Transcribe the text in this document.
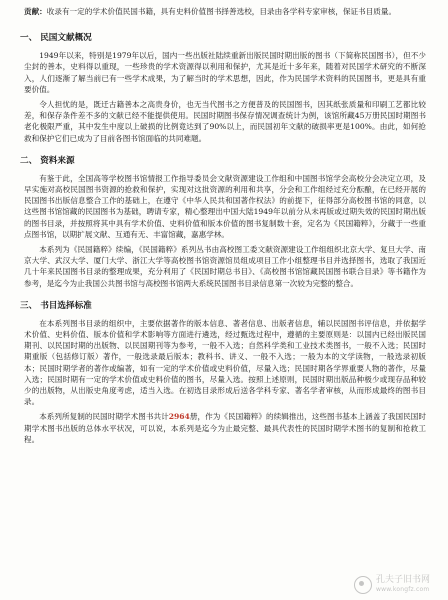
贡献：收录有一定的学术价值民国书籍，具有史料价值图书择善选校，目录由各学科专家审核，保证书目质量。

一、 民国文献概况

1949年以来，特别是1979年以后，国内一些出版社陆续重新出版民国时期出版的图书（下简称民国图书），但不少尘封的善本，史料得以重现，一些珍贵的学术资源得以利用和保护，尤其是近十多年来，随着对民国学术研究的不断深入，人们逐渐了解当前已有一些学术成果，为了解当时的学术思想，因此，作为民国学术资料的民国图书，更是具有重要价值。

令人担忧的是，既迁古籍善本之高贵身价，也无当代图书之方便普及的民国图书，因其纸张质量和印刷工艺都比较差，和保存条件差不多的文献已经不能提供使用。民国时期图书保存情况调查统计为例，该馆所藏45万册民国时期图书老化极限严重，其中发生中度以上破损的比例竟达到了90%以上，而民国初年文献的破损率更是100%。由此，如何抢救和保护它们已成为了目前各图书馆面临的共同难题。

二、 资料来源

有鉴于此，全国高等学校图书馆情报工作指导委员会文献资源建设工作组和中国图书馆学会高校分会决定立项，及早实施对高校民国图书资源的抢救和保护，实现对这批资源的利用和共享，分会和工作组经过充分酝酿，在已经开展的民国图书出版信息整合工作的基础上，在遵守《中华人民共和国著作权法》的前提下，征得部分高校图书馆的同意，以这些图书馆馆藏的民国图书为基础，聘请专家，精心整理出中国大陆1949年以前分从未再版或过期失效的民国时期出版的图书目录，并按照将其中具有学术价值、史料价值和版本价值的图书复制数十套，定名为《民国籍粹》，分藏于一些重点图书馆，以期扩展文献、互通有无、丰富馆藏，嘉惠学林。

本系列为《民国籍粹》续编，《民国籍粹》系列丛书由高校图工委文献资源建设工作组组织北京大学、复旦大学、南京大学、武汉大学、厦门大学、浙江大学等高校图书馆资源馆员组成项目工作小组整理书目并选择图书，选取了我国近几十年来民国图书目录的整理成果，充分利用了《民国时期总书目》、《高校图书馆馆藏民国图书联合目录》等书籍作为参考，是迄今为止我国公共图书馆与高校图书馆两大系统民国图书目录信息第一次较为完整的整合。

三、 书目选择标准

在本系列图书目录的组织中，主要依据著作的版本信息、著者信息、出版者信息，辅以民国图书评信息，并依据学术价值、史料价值、版本价值和学术影响等方面进行遴选，经过甄选过程中，遵循的主要原则是：以国内已经出版民国期刊、以民国时期的出版物、以民国期刊等为参考，一般不入选；自然科学类和工业技术类图书，一般不入选；民国时期重版（包括修订版）著作，一般选录最后版本；教科书、讲义、一般不入选；一般为本的文学读物，一般选录初版本；民国时期学者的著作或编著，如有一定的学术价值或史料价值，尽量入选；民国时期各学界重要人物的著作，尽量入选；民国时期有一定的学术价值或史料价值的图书，尽量入选。按照上述原则，民国时期出版品种极少或现存品种较少的出版物，从出版史角度考虑，适当入选。在初选目录形成后送各学科专家、著名学者审核，从而形成最终的图书目录。

本系列所复制的民国时期学术图书共计2964册，作为《民国籍粹》的续辑推出，这些图书基本上涵盖了我国民国时期学术图书出版的总体水平状况，可以说，本系列是迄今为止最完整、最具代表性的民国时期学术图书的复制和抢救工程。

孔夫子旧书网
www.kongfz.com
